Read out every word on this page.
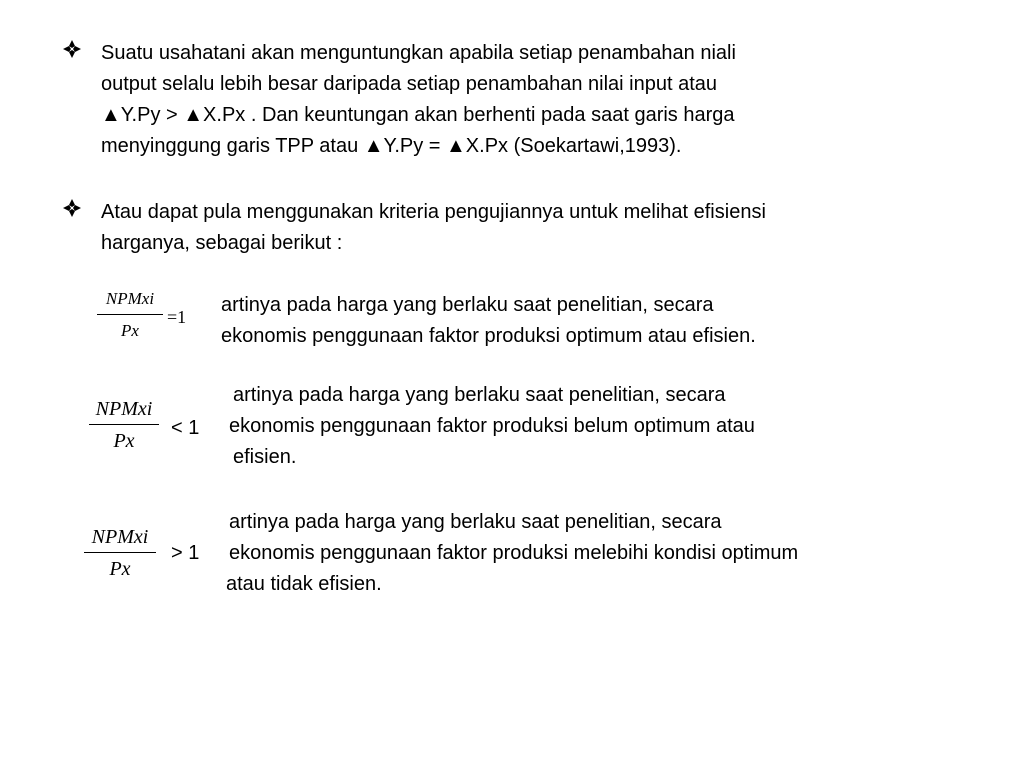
Suatu usahatani akan menguntungkan apabila setiap penambahan niali
output selalu lebih besar daripada setiap penambahan nilai input atau
▲Y.Py > ▲X.Px . Dan keuntungan akan berhenti pada saat garis harga
menyinggung garis TPP atau ▲Y.Py = ▲X.Px (Soekartawi,1993).
Atau dapat pula menggunakan kriteria pengujiannya untuk melihat efisiensi
harganya, sebagai berikut :
NPMxi
Px
=1
artinya pada harga yang berlaku saat penelitian, secara
ekonomis penggunaan faktor produksi optimum atau efisien.
NPMxi
Px
< 1
artinya pada harga yang berlaku saat penelitian, secara
ekonomis penggunaan faktor produksi belum optimum atau
efisien.
NPMxi
Px
> 1
artinya pada harga yang berlaku saat penelitian, secara
ekonomis penggunaan faktor produksi melebihi kondisi optimum
atau tidak efisien.
